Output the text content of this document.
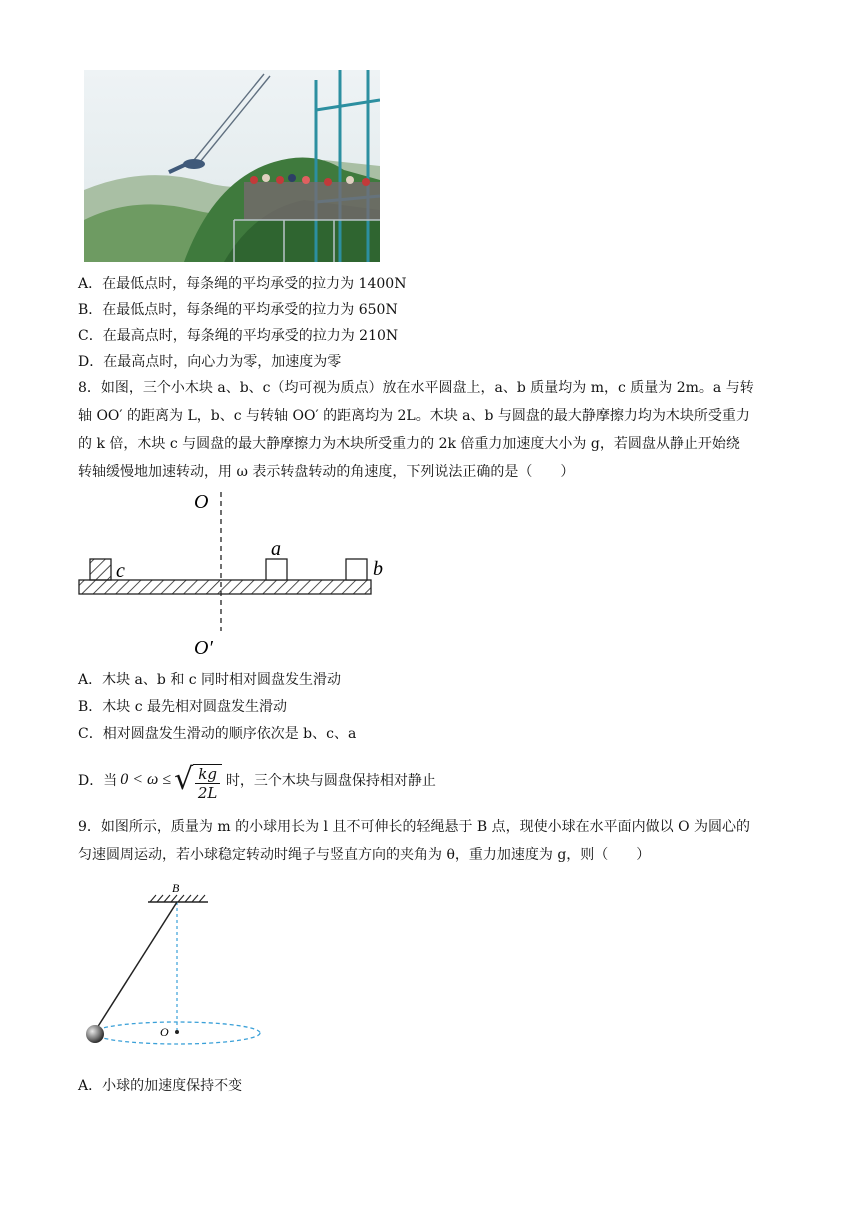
A．在最低点时，每条绳的平均承受的拉力为 1400N
B．在最低点时，每条绳的平均承受的拉力为 650N
C．在最高点时，每条绳的平均承受的拉力为 210N
D．在最高点时，向心力为零，加速度为零
8．如图，三个小木块 a、b、c（均可视为质点）放在水平圆盘上，a、b 质量均为 m，c 质量为 2m。a 与转
轴 OO′ 的距离为 L，b、c 与转轴 OO′ 的距离均为 2L。木块 a、b 与圆盘的最大静摩擦力均为木块所受重力
的 k 倍，木块 c 与圆盘的最大静摩擦力为木块所受重力的 2k 倍重力加速度大小为 g，若圆盘从静止开始绕
转轴缓慢地加速转动，用 ω 表示转盘转动的角速度，下列说法正确的是（　　）
O
O′
a
b
c
A．木块 a、b 和 c 同时相对圆盘发生滑动
B．木块 c 最先相对圆盘发生滑动
C．相对圆盘发生滑动的顺序依次是 b、c、a
D．当 0 < ω ≤ √ $\frac{kg}{2L}$ 时，三个木块与圆盘保持相对静止
9．如图所示，质量为 m 的小球用长为 l 且不可伸长的轻绳悬于 B 点，现使小球在水平面内做以 O 为圆心的
匀速圆周运动，若小球稳定转动时绳子与竖直方向的夹角为 θ，重力加速度为 g，则（　　）
B
O
A．小球的加速度保持不变
